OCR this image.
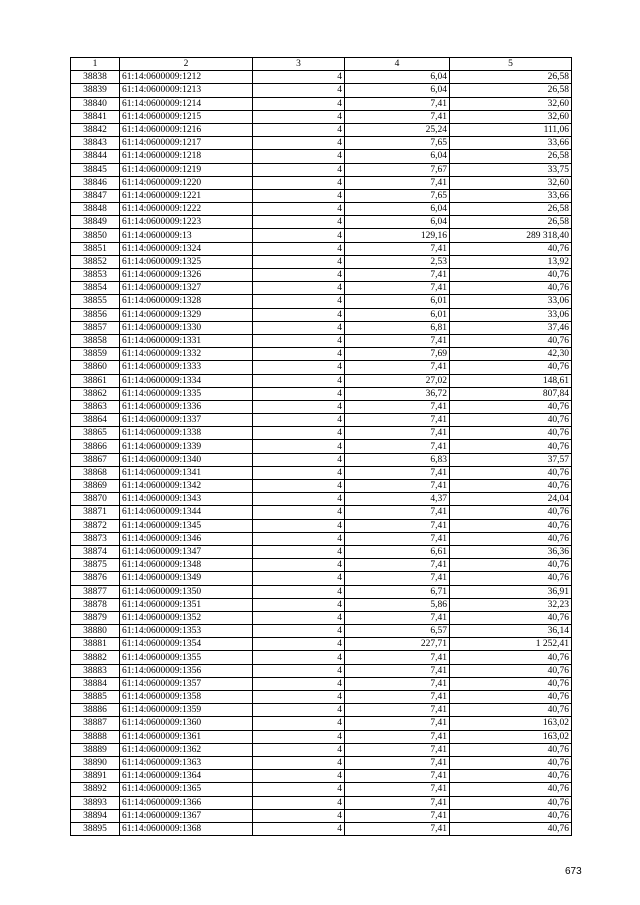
1	2	3	4	5
38838	61:14:0600009:1212	4	6,04	26,58
38839	61:14:0600009:1213	4	6,04	26,58
38840	61:14:0600009:1214	4	7,41	32,60
38841	61:14:0600009:1215	4	7,41	32,60
38842	61:14:0600009:1216	4	25,24	111,06
38843	61:14:0600009:1217	4	7,65	33,66
38844	61:14:0600009:1218	4	6,04	26,58
38845	61:14:0600009:1219	4	7,67	33,75
38846	61:14:0600009:1220	4	7,41	32,60
38847	61:14:0600009:1221	4	7,65	33,66
38848	61:14:0600009:1222	4	6,04	26,58
38849	61:14:0600009:1223	4	6,04	26,58
38850	61:14:0600009:13	4	129,16	289 318,40
38851	61:14:0600009:1324	4	7,41	40,76
38852	61:14:0600009:1325	4	2,53	13,92
38853	61:14:0600009:1326	4	7,41	40,76
38854	61:14:0600009:1327	4	7,41	40,76
38855	61:14:0600009:1328	4	6,01	33,06
38856	61:14:0600009:1329	4	6,01	33,06
38857	61:14:0600009:1330	4	6,81	37,46
38858	61:14:0600009:1331	4	7,41	40,76
38859	61:14:0600009:1332	4	7,69	42,30
38860	61:14:0600009:1333	4	7,41	40,76
38861	61:14:0600009:1334	4	27,02	148,61
38862	61:14:0600009:1335	4	36,72	807,84
38863	61:14:0600009:1336	4	7,41	40,76
38864	61:14:0600009:1337	4	7,41	40,76
38865	61:14:0600009:1338	4	7,41	40,76
38866	61:14:0600009:1339	4	7,41	40,76
38867	61:14:0600009:1340	4	6,83	37,57
38868	61:14:0600009:1341	4	7,41	40,76
38869	61:14:0600009:1342	4	7,41	40,76
38870	61:14:0600009:1343	4	4,37	24,04
38871	61:14:0600009:1344	4	7,41	40,76
38872	61:14:0600009:1345	4	7,41	40,76
38873	61:14:0600009:1346	4	7,41	40,76
38874	61:14:0600009:1347	4	6,61	36,36
38875	61:14:0600009:1348	4	7,41	40,76
38876	61:14:0600009:1349	4	7,41	40,76
38877	61:14:0600009:1350	4	6,71	36,91
38878	61:14:0600009:1351	4	5,86	32,23
38879	61:14:0600009:1352	4	7,41	40,76
38880	61:14:0600009:1353	4	6,57	36,14
38881	61:14:0600009:1354	4	227,71	1 252,41
38882	61:14:0600009:1355	4	7,41	40,76
38883	61:14:0600009:1356	4	7,41	40,76
38884	61:14:0600009:1357	4	7,41	40,76
38885	61:14:0600009:1358	4	7,41	40,76
38886	61:14:0600009:1359	4	7,41	40,76
38887	61:14:0600009:1360	4	7,41	163,02
38888	61:14:0600009:1361	4	7,41	163,02
38889	61:14:0600009:1362	4	7,41	40,76
38890	61:14:0600009:1363	4	7,41	40,76
38891	61:14:0600009:1364	4	7,41	40,76
38892	61:14:0600009:1365	4	7,41	40,76
38893	61:14:0600009:1366	4	7,41	40,76
38894	61:14:0600009:1367	4	7,41	40,76
38895	61:14:0600009:1368	4	7,41	40,76
673
